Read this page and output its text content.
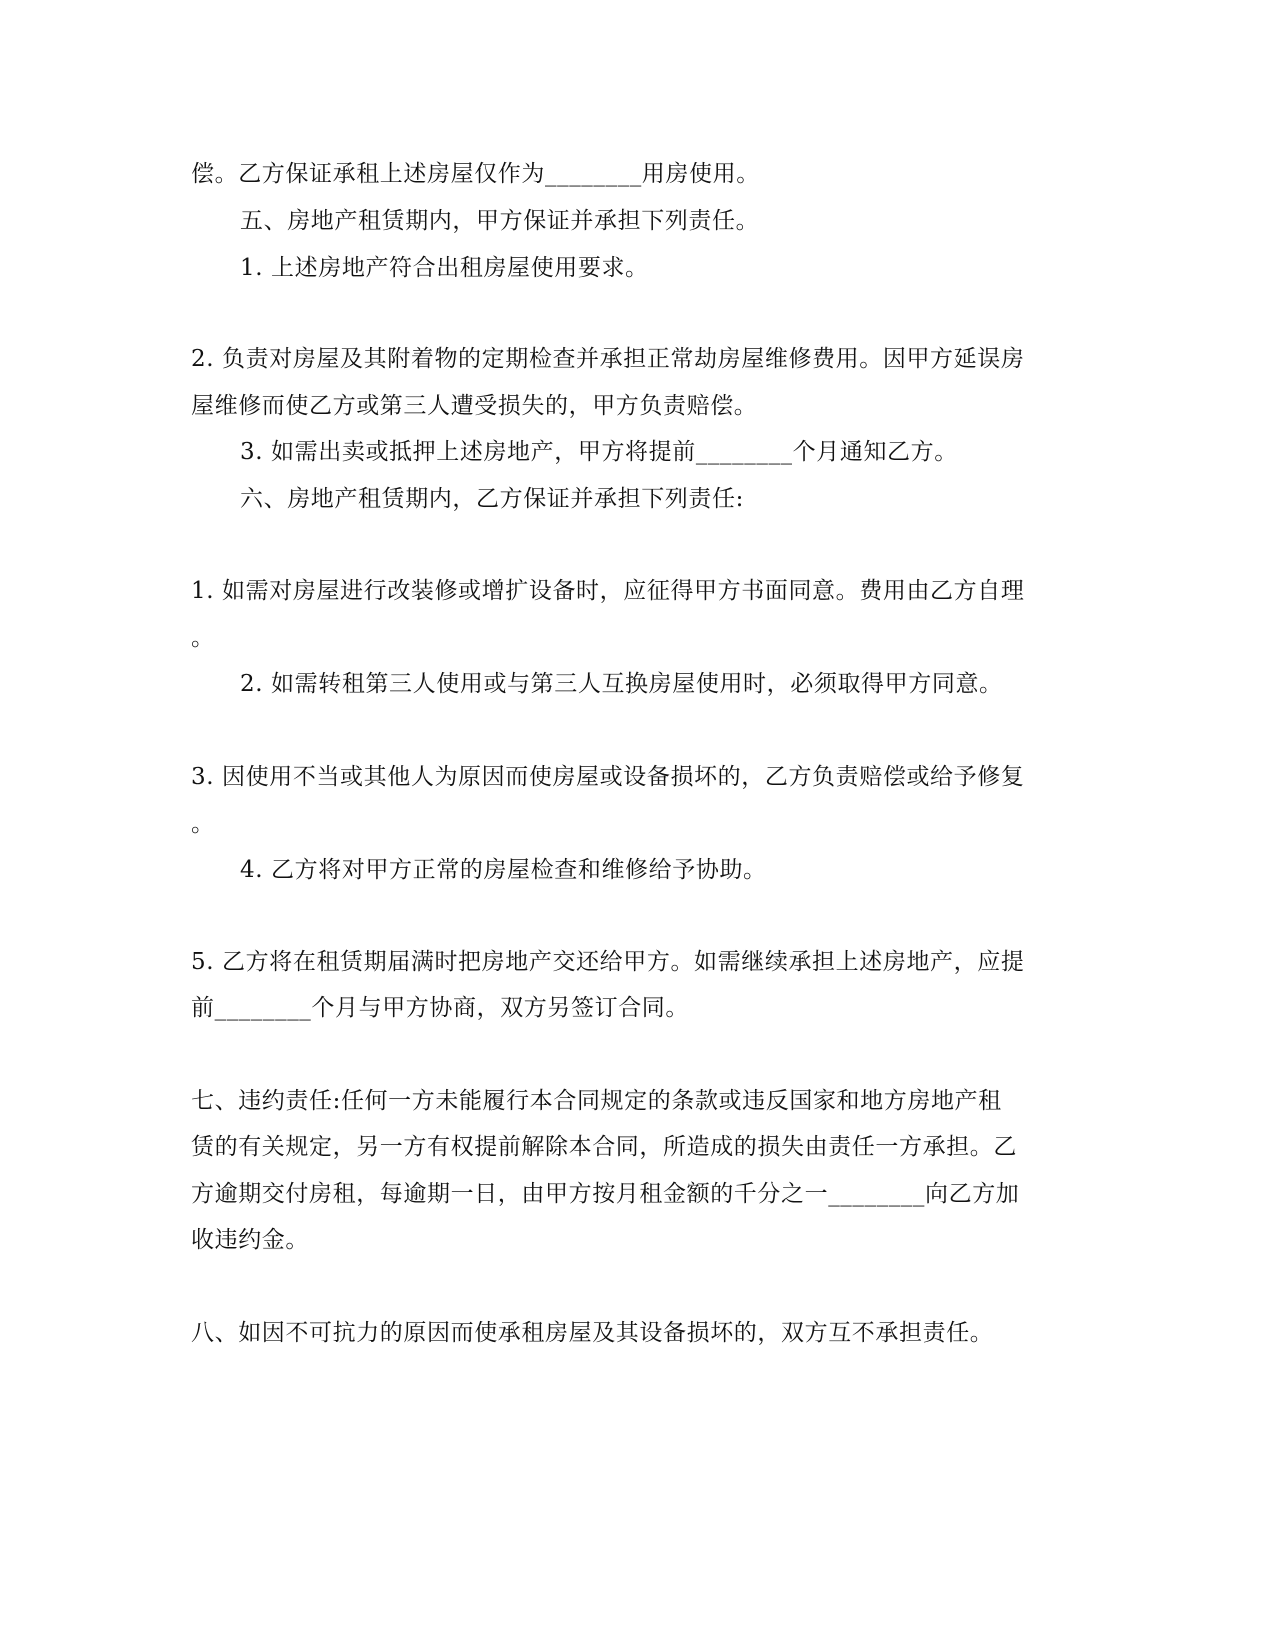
偿。乙方保证承租上述房屋仅作为________用房使用。
五、房地产租赁期内，甲方保证并承担下列责任。
1. 上述房地产符合出租房屋使用要求。
2. 负责对房屋及其附着物的定期检查并承担正常劫房屋维修费用。因甲方延误房
屋维修而使乙方或第三人遭受损失的，甲方负责赔偿。
3. 如需出卖或抵押上述房地产，甲方将提前________个月通知乙方。
六、房地产租赁期内，乙方保证并承担下列责任:
1. 如需对房屋进行改装修或增扩设备时，应征得甲方书面同意。费用由乙方自理
。
2. 如需转租第三人使用或与第三人互换房屋使用时，必须取得甲方同意。
3. 因使用不当或其他人为原因而使房屋或设备损坏的，乙方负责赔偿或给予修复
。
4. 乙方将对甲方正常的房屋检查和维修给予协助。
5. 乙方将在租赁期届满时把房地产交还给甲方。如需继续承担上述房地产，应提
前________个月与甲方协商，双方另签订合同。
七、违约责任:任何一方未能履行本合同规定的条款或违反国家和地方房地产租
赁的有关规定，另一方有权提前解除本合同，所造成的损失由责任一方承担。乙
方逾期交付房租，每逾期一日，由甲方按月租金额的千分之一________向乙方加
收违约金。
八、如因不可抗力的原因而使承租房屋及其设备损坏的，双方互不承担责任。
